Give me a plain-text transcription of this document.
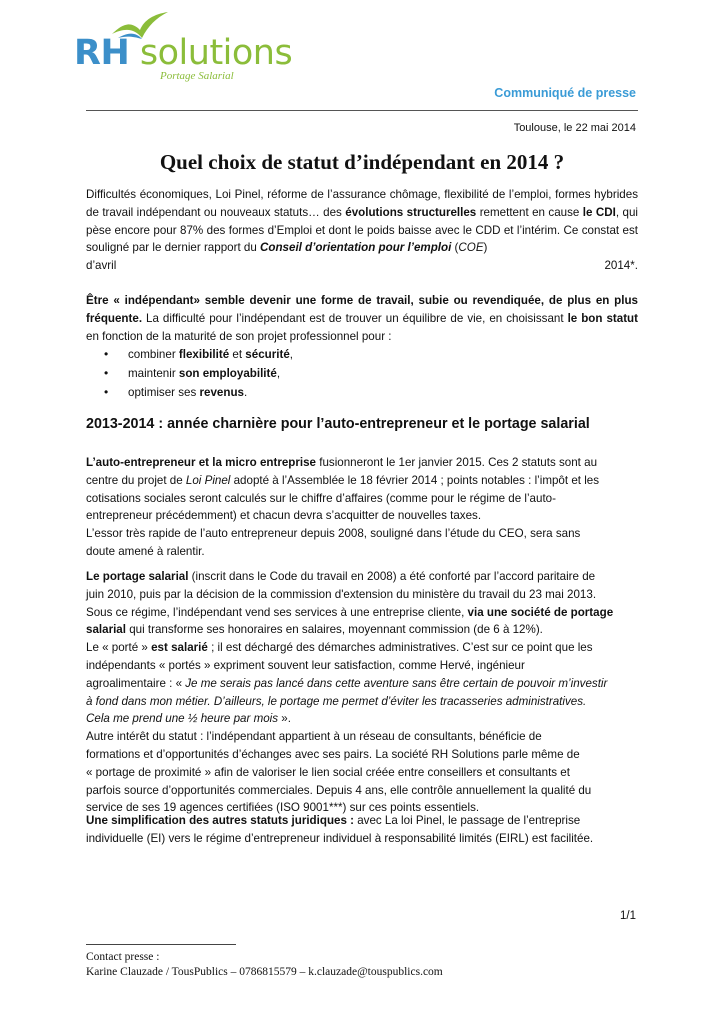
RH solutions
Portage Salarial
Communiqué de presse
Toulouse, le 22 mai 2014
Quel choix de statut d’indépendant en 2014 ?

Difficultés économiques, Loi Pinel, réforme de l’assurance chômage, flexibilité de l’emploi, formes hybrides de travail indépendant ou nouveaux statuts… des évolutions structurelles remettent en cause le CDI, qui pèse encore pour 87% des formes d’Emploi et dont le poids baisse avec le CDD et l’intérim. Ce constat est souligné par le dernier rapport du Conseil d’orientation pour l’emploi (COE)

d’avril	2014*.

Être « indépendant» semble devenir une forme de travail, subie ou revendiquée, de plus en plus fréquente. La difficulté pour l’indépendant est de trouver un équilibre de vie, en choisissant le bon statut en fonction de la maturité de son projet professionnel pour :

• combiner flexibilité et sécurité,
• maintenir son employabilité,
• optimiser ses revenus.
2013-2014 : année charnière pour l’auto-entrepreneur et le portage salarial
L’auto-entrepreneur et la micro entreprise fusionneront le 1er janvier 2015. Ces 2 statuts sont au
centre du projet de Loi Pinel adopté à l’Assemblée le 18 février 2014 ; points notables : l’impôt et les
cotisations sociales seront calculés sur le chiffre d’affaires (comme pour le régime de l’auto-
entrepreneur précédemment) et chacun devra s’acquitter de nouvelles taxes.
L’essor très rapide de l’auto entrepreneur depuis 2008, souligné dans l’étude du CEO, sera sans
doute amené à ralentir.
Le portage salarial (inscrit dans le Code du travail en 2008) a été conforté par l’accord paritaire de
juin 2010, puis par la décision de la commission d'extension du ministère du travail du 23 mai 2013.
Sous ce régime, l’indépendant vend ses services à une entreprise cliente, via une société de portage
salarial qui transforme ses honoraires en salaires, moyennant commission (de 6 à 12%).
Le « porté » est salarié ; il est déchargé des démarches administratives. C’est sur ce point que les
indépendants « portés » expriment souvent leur satisfaction, comme Hervé, ingénieur
agroalimentaire : « Je me serais pas lancé dans cette aventure sans être certain de pouvoir m’investir
à fond dans mon métier. D’ailleurs, le portage me permet d’éviter les tracasseries administratives.
Cela me prend une ½ heure par mois ».
Autre intérêt du statut : l’indépendant appartient à un réseau de consultants, bénéficie de
formations et d’opportunités d’échanges avec ses pairs. La société RH Solutions parle même de
« portage de proximité » afin de valoriser le lien social créée entre conseillers et consultants et
parfois source d’opportunités commerciales. Depuis 4 ans, elle contrôle annuellement la qualité du
service de ses 19 agences certifiées (ISO 9001***) sur ces points essentiels.
Une simplification des autres statuts juridiques : avec La loi Pinel, le passage de l’entreprise
individuelle (EI) vers le régime d’entrepreneur individuel à responsabilité limités (EIRL) est facilitée.
1/1
Contact presse :
Karine Clauzade / TousPublics – 0786815579 – k.clauzade@touspublics.com
